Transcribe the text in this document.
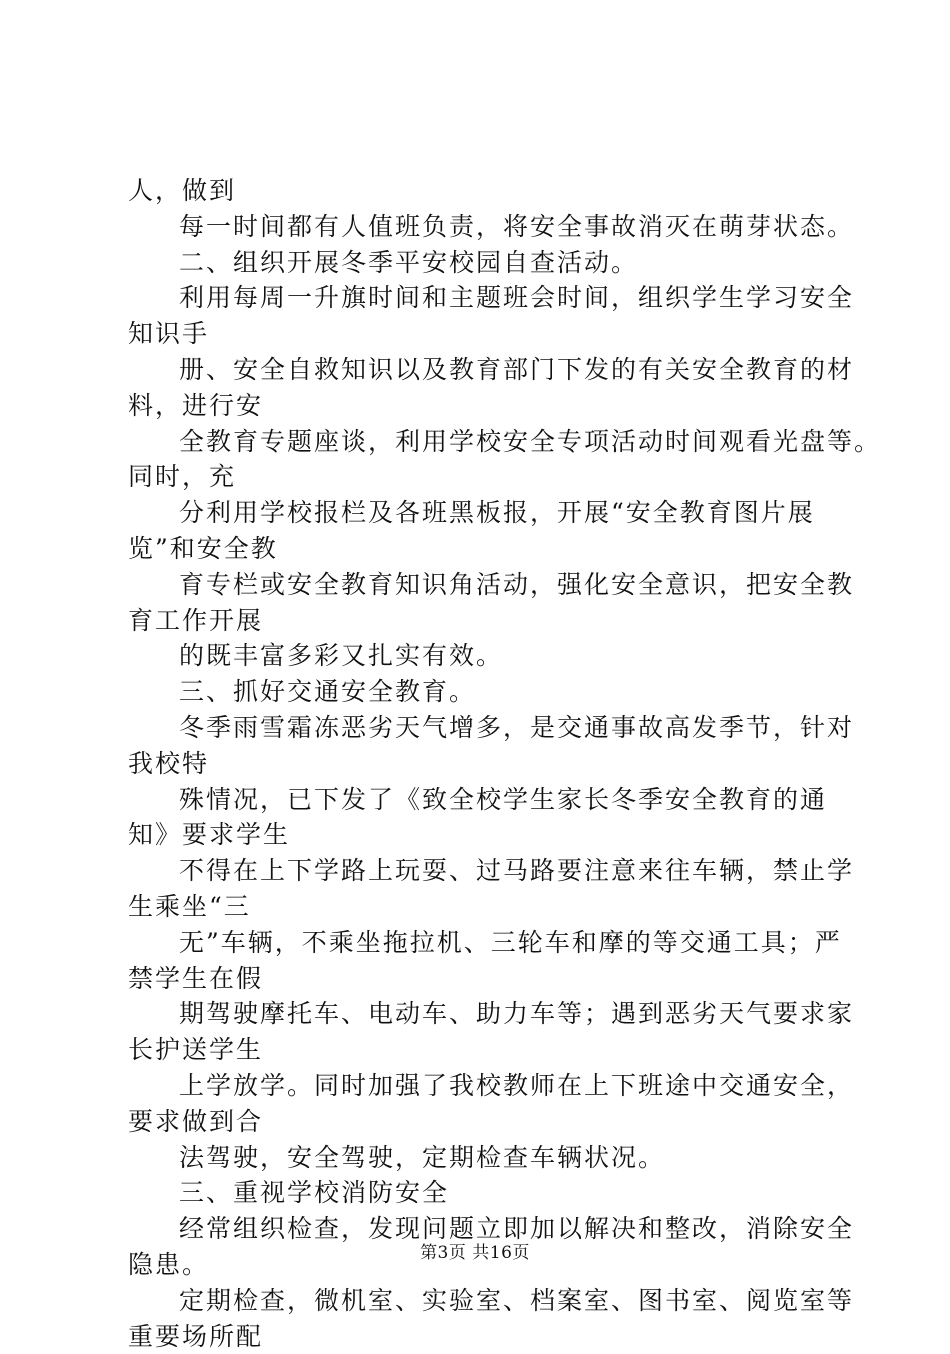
人，做到
每一时间都有人值班负责，将安全事故消灭在萌芽状态。
二、组织开展冬季平安校园自查活动。
利用每周一升旗时间和主题班会时间，组织学生学习安全
知识手
册、安全自救知识以及教育部门下发的有关安全教育的材
料，进行安
全教育专题座谈，利用学校安全专项活动时间观看光盘等。
同时，充
分利用学校报栏及各班黑板报，开展“安全教育图片展
览”和安全教
育专栏或安全教育知识角活动，强化安全意识，把安全教
育工作开展
的既丰富多彩又扎实有效。
三、抓好交通安全教育。
冬季雨雪霜冻恶劣天气增多，是交通事故高发季节，针对
我校特
殊情况，已下发了《致全校学生家长冬季安全教育的通
知》要求学生
不得在上下学路上玩耍、过马路要注意来往车辆，禁止学
生乘坐“三
无”车辆，不乘坐拖拉机、三轮车和摩的等交通工具；严
禁学生在假
期驾驶摩托车、电动车、助力车等；遇到恶劣天气要求家
长护送学生
上学放学。同时加强了我校教师在上下班途中交通安全，
要求做到合
法驾驶，安全驾驶，定期检查车辆状况。
三、重视学校消防安全
经常组织检查，发现问题立即加以解决和整改，消除安全
隐患。
定期检查，微机室、实验室、档案室、图书室、阅览室等
重要场所配
第3页 共16页
